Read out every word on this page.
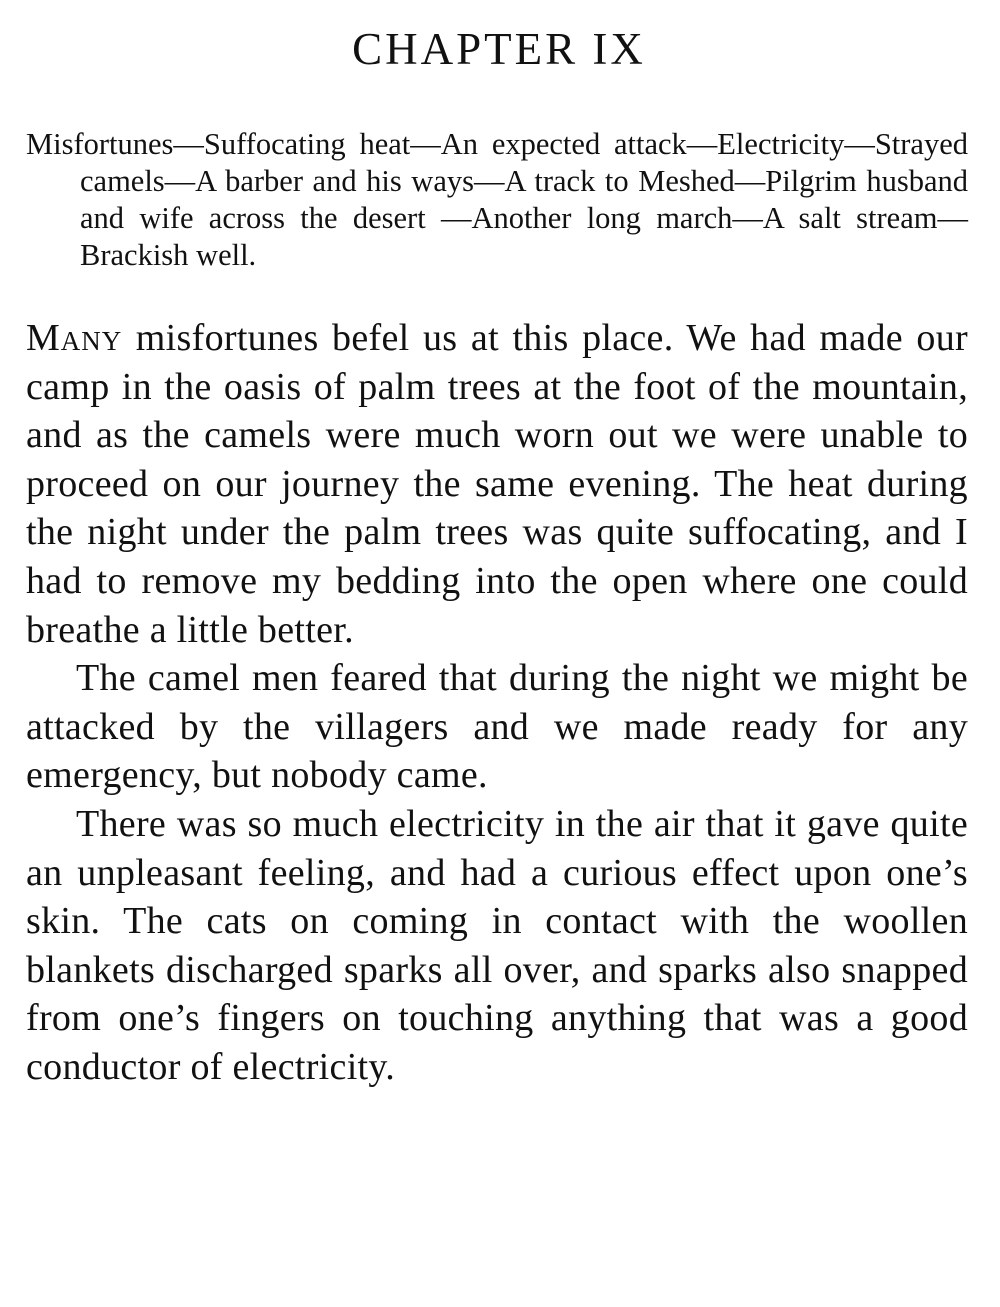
CHAPTER IX

Misfortunes—Suffocating heat—An expected attack—Electricity—Strayed camels—A barber and his ways—A track to Meshed—Pilgrim husband and wife across the desert —Another long march—A salt stream—Brackish well.

Many misfortunes befel us at this place. We had made our camp in the oasis of palm trees at the foot of the mountain, and as the camels were much worn out we were unable to proceed on our journey the same evening. The heat during the night under the palm trees was quite suffocating, and I had to remove my bedding into the open where one could breathe a little better.

The camel men feared that during the night we might be attacked by the villagers and we made ready for any emergency, but nobody came.

There was so much electricity in the air that it gave quite an unpleasant feeling, and had a curious effect upon one’s skin. The cats on coming in contact with the woollen blankets discharged sparks all over, and sparks also snapped from one’s fingers on touching anything that was a good conductor of electricity.
